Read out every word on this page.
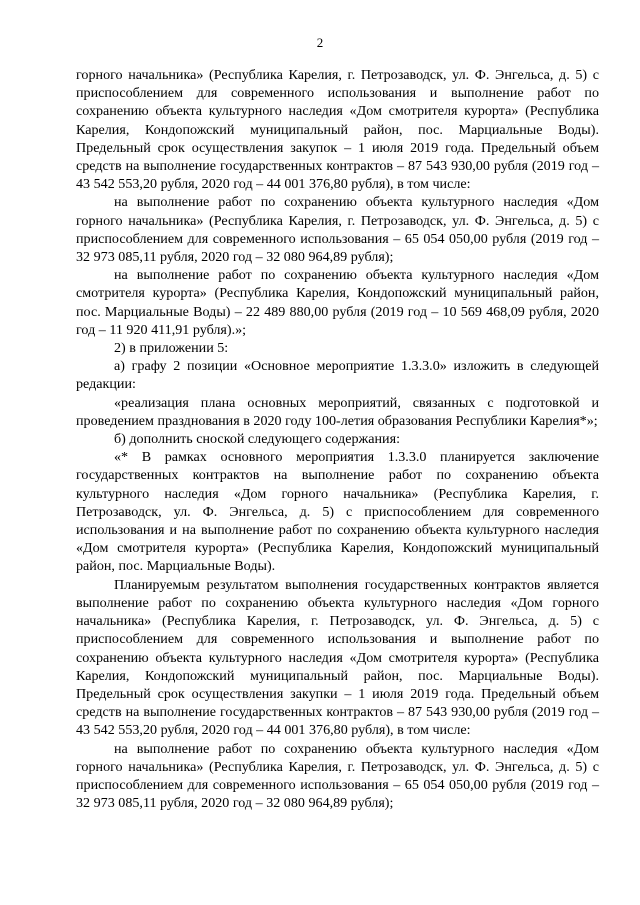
2

горного начальника» (Республика Карелия, г. Петрозаводск, ул. Ф. Энгельса, д. 5) с приспособлением для современного использования и выполнение работ по сохранению объекта культурного наследия «Дом смотрителя курорта» (Республика Карелия, Кондопожский муниципальный район, пос. Марциальные Воды). Предельный срок осуществления закупок – 1 июля 2019 года. Предельный объем средств на выполнение государственных контрактов – 87 543 930,00 рубля (2019 год – 43 542 553,20 рубля, 2020 год – 44 001 376,80 рубля), в том числе:

на выполнение работ по сохранению объекта культурного наследия «Дом горного начальника» (Республика Карелия, г. Петрозаводск, ул. Ф. Энгельса, д. 5) с приспособлением для современного использования – 65 054 050,00 рубля (2019 год – 32 973 085,11 рубля, 2020 год – 32 080 964,89 рубля);

на выполнение работ по сохранению объекта культурного наследия «Дом смотрителя курорта» (Республика Карелия, Кондопожский муниципальный район, пос. Марциальные Воды) – 22 489 880,00 рубля (2019 год – 10 569 468,09 рубля, 2020 год – 11 920 411,91 рубля).»;

2) в приложении 5:

а) графу 2 позиции «Основное мероприятие 1.3.3.0» изложить в следующей редакции:

«реализация плана основных мероприятий, связанных с подготовкой и проведением празднования в 2020 году 100-летия образования Республики Карелия*»;

б) дополнить сноской следующего содержания:

«* В рамках основного мероприятия 1.3.3.0 планируется заключение государственных контрактов на выполнение работ по сохранению объекта культурного наследия «Дом горного начальника» (Республика Карелия, г. Петрозаводск, ул. Ф. Энгельса, д. 5) с приспособлением для современного использования и на выполнение работ по сохранению объекта культурного наследия «Дом смотрителя курорта» (Республика Карелия, Кондопожский муниципальный район, пос. Марциальные Воды).

Планируемым результатом выполнения государственных контрактов является выполнение работ по сохранению объекта культурного наследия «Дом горного начальника» (Республика Карелия, г. Петрозаводск, ул. Ф. Энгельса, д. 5) с приспособлением для современного использования и выполнение работ по сохранению объекта культурного наследия «Дом смотрителя курорта» (Республика Карелия, Кондопожский муниципальный район, пос. Марциальные Воды). Предельный срок осуществления закупки – 1 июля 2019 года. Предельный объем средств на выполнение государственных контрактов – 87 543 930,00 рубля (2019 год – 43 542 553,20 рубля, 2020 год – 44 001 376,80 рубля), в том числе:

на выполнение работ по сохранению объекта культурного наследия «Дом горного начальника» (Республика Карелия, г. Петрозаводск, ул. Ф. Энгельса, д. 5) с приспособлением для современного использования – 65 054 050,00 рубля (2019 год – 32 973 085,11 рубля, 2020 год – 32 080 964,89 рубля);
